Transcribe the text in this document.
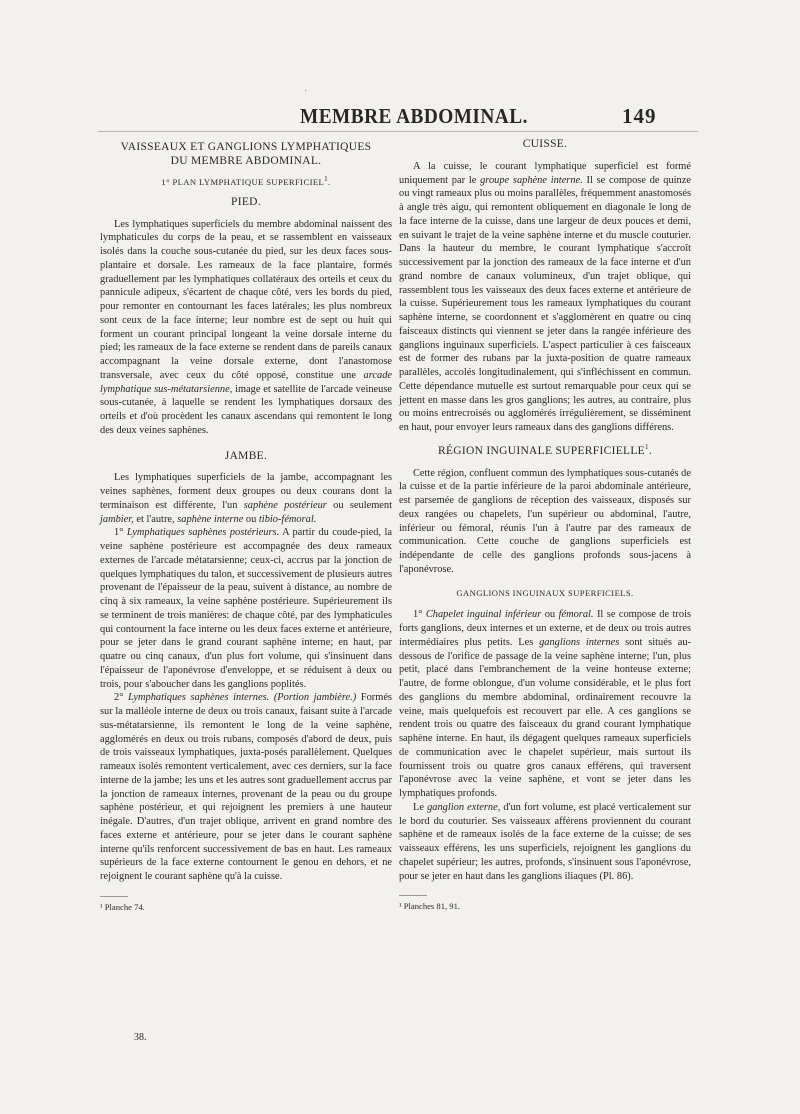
'
MEMBRE ABDOMINAL.	149
VAISSEAUX ET GANGLIONS LYMPHATIQUES
DU MEMBRE ABDOMINAL.
1° PLAN LYMPHATIQUE SUPERFICIEL$^1$.
PIED.

Les lymphatiques superficiels du membre abdominal naissent des lymphaticules du corps de la peau, et se rassemblent en vaisseaux isolés dans la couche sous-cutanée du pied, sur les deux faces sous-plantaire et dorsale. Les rameaux de la face plantaire, formés graduellement par les lymphatiques collatéraux des orteils et ceux du pannicule adipeux, s'écartent de chaque côté, vers les bords du pied, pour remonter en contournant les faces latérales; les plus nombreux sont ceux de la face interne; leur nombre est de sept ou huit qui forment un courant principal longeant la veine dorsale interne du pied; les rameaux de la face externe se rendent dans de pareils canaux accompagnant la veine dorsale externe, dont l'anastomose transversale, avec ceux du côté opposé, constitue une arcade lymphatique sus-métatarsienne, image et satellite de l'arcade veineuse sous-cutanée, à laquelle se rendent les lymphatiques dorsaux des orteils et d'où procèdent les canaux ascendans qui remontent le long des deux veines saphènes.

JAMBE.

Les lymphatiques superficiels de la jambe, accompagnant les veines saphènes, forment deux groupes ou deux courans dont la terminaison est différente, l'un saphène postérieur ou seulement jambier, et l'autre, saphène interne ou tibio-fémoral.

1° Lymphatiques saphènes postérieurs. A partir du coude-pied, la veine saphène postérieure est accompagnée des deux rameaux externes de l'arcade métatarsienne; ceux-ci, accrus par la jonction de quelques lymphatiques du talon, et successivement de plusieurs autres provenant de l'épaisseur de la peau, suivent à distance, au nombre de cinq à six rameaux, la veine saphène postérieure. Supérieurement ils se terminent de trois manières: de chaque côté, par des lymphaticules qui contournent la face interne ou les deux faces externe et antérieure, pour se jeter dans le grand courant saphène interne; en haut, par quatre ou cinq canaux, d'un plus fort volume, qui s'insinuent dans l'épaisseur de l'aponévrose d'enveloppe, et se réduisent à deux ou trois, pour s'aboucher dans les ganglions poplités.

2° Lymphatiques saphènes internes. (Portion jambière.) Formés sur la malléole interne de deux ou trois canaux, faisant suite à l'arcade sus-métatarsienne, ils remontent le long de la veine saphène, agglomérés en deux ou trois rubans, composés d'abord de deux, puis de trois vaisseaux lymphatiques, juxta-posés parallèlement. Quelques rameaux isolés remontent verticalement, avec ces derniers, sur la face interne de la jambe; les uns et les autres sont graduellement accrus par la jonction de rameaux internes, provenant de la peau ou du groupe saphène postérieur, et qui rejoignent les premiers à une hauteur inégale. D'autres, d'un trajet oblique, arrivent en grand nombre des faces externe et antérieure, pour se jeter dans le courant saphène interne qu'ils renforcent successivement de bas en haut. Les rameaux supérieurs de la face externe contournent le genou en dehors, et ne rejoignent le courant saphène qu'à la cuisse.

¹ Planche 74.
38.
CUISSE.

A la cuisse, le courant lymphatique superficiel est formé uniquement par le groupe saphène interne. Il se compose de quinze ou vingt rameaux plus ou moins parallèles, fréquemment anastomosés à angle très aigu, qui remontent obliquement en diagonale le long de la face interne de la cuisse, dans une largeur de deux pouces et demi, en suivant le trajet de la veine saphène interne et du muscle couturier. Dans la hauteur du membre, le courant lymphatique s'accroît successivement par la jonction des rameaux de la face interne et d'un grand nombre de canaux volumineux, d'un trajet oblique, qui rassemblent tous les vaisseaux des deux faces externe et antérieure de la cuisse. Supérieurement tous les rameaux lymphatiques du courant saphène interne, se coordonnent et s'agglomèrent en quatre ou cinq faisceaux distincts qui viennent se jeter dans la rangée inférieure des ganglions inguinaux superficiels. L'aspect particulier à ces faisceaux est de former des rubans par la juxta-position de quatre rameaux parallèles, accolés longitudinalement, qui s'infléchissent en commun. Cette dépendance mutuelle est surtout remarquable pour ceux qui se jettent en masse dans les gros ganglions; les autres, au contraire, plus ou moins entrecroisés ou agglomérés irrégulièrement, se disséminent en haut, pour envoyer leurs rameaux dans des ganglions différens.

RÉGION INGUINALE SUPERFICIELLE$^1$.

Cette région, confluent commun des lymphatiques sous-cutanés de la cuisse et de la partie inférieure de la paroi abdominale antérieure, est parsemée de ganglions de réception des vaisseaux, disposés sur deux rangées ou chapelets, l'un supérieur ou abdominal, l'autre, inférieur ou fémoral, réunis l'un à l'autre par des rameaux de communication. Cette couche de ganglions superficiels est indépendante de celle des ganglions profonds sous-jacens à l'aponévrose.

GANGLIONS INGUINAUX SUPERFICIELS.

1° Chapelet inguinal inférieur ou fémoral. Il se compose de trois forts ganglions, deux internes et un externe, et de deux ou trois autres intermédiaires plus petits. Les ganglions internes sont situés au-dessous de l'orifice de passage de la veine saphène interne; l'un, plus petit, placé dans l'embranchement de la veine honteuse externe; l'autre, de forme oblongue, d'un volume considérable, et le plus fort des ganglions du membre abdominal, ordinairement recouvre la veine, mais quelquefois est recouvert par elle. A ces ganglions se rendent trois ou quatre des faisceaux du grand courant lymphatique saphène interne. En haut, ils dégagent quelques rameaux superficiels de communication avec le chapelet supérieur, mais surtout ils fournissent trois ou quatre gros canaux efférens, qui traversent l'aponévrose avec la veine saphène, et vont se jeter dans les lymphatiques profonds.

Le ganglion externe, d'un fort volume, est placé verticalement sur le bord du couturier. Ses vaisseaux afférens proviennent du courant saphène et de rameaux isolés de la face externe de la cuisse; de ses vaisseaux efférens, les uns superficiels, rejoignent les ganglions du chapelet supérieur; les autres, profonds, s'insinuent sous l'aponévrose, pour se jeter en haut dans les ganglions iliaques (Pl. 86).

¹ Planches 81, 91.
